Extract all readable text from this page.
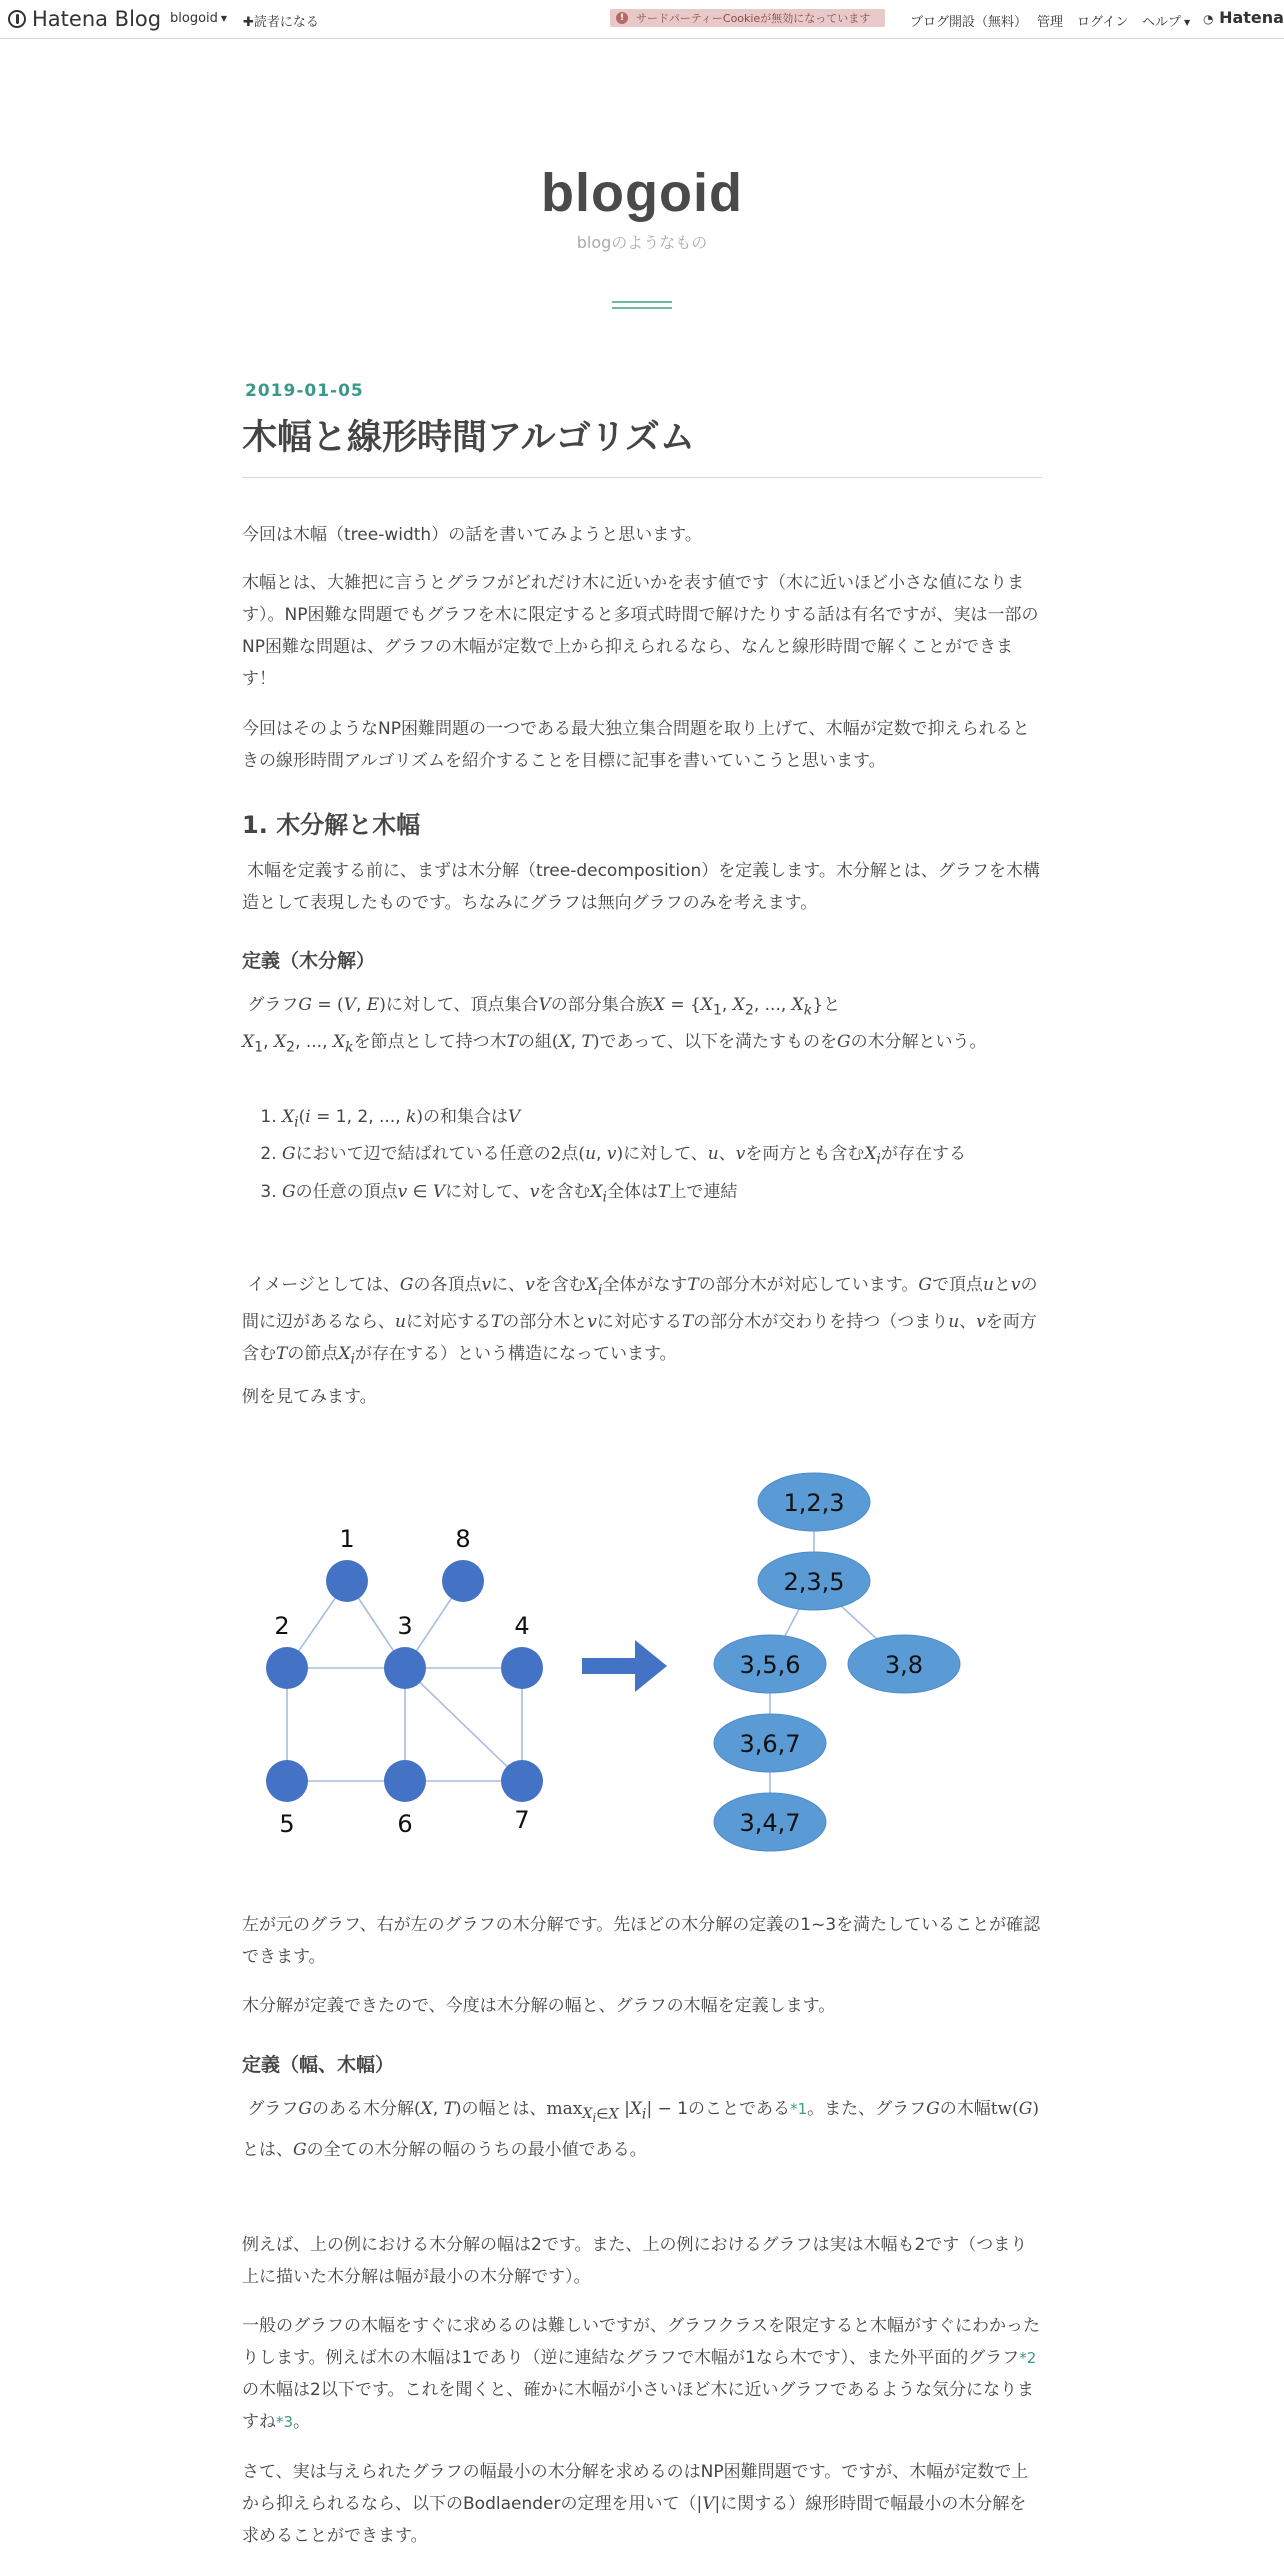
Hatena Blog blogoid ▼ ✚読者になる	!	サードパーティーCookieが無効になっています	ブログ開設（無料） 管理 ログイン ヘルプ ▼ ◔ Hatena
blogoid
blogのようなもの
2019-01-05
木幅と線形時間アルゴリズム
今回は木幅（tree-width）の話を書いてみようと思います。
木幅とは、大雑把に言うとグラフがどれだけ木に近いかを表す値です（木に近いほど小さな値になります）。NP困難な問題でもグラフを木に限定すると多項式時間で解けたりする話は有名ですが、実は一部のNP困難な問題は、グラフの木幅が定数で上から抑えられるなら、なんと線形時間で解くことができます！
今回はそのようなNP困難問題の一つである最大独立集合問題を取り上げて、木幅が定数で抑えられるときの線形時間アルゴリズムを紹介することを目標に記事を書いていこうと思います。
1. 木分解と木幅
木幅を定義する前に、まずは木分解（tree-decomposition）を定義します。木分解とは、グラフを木構造として表現したものです。ちなみにグラフは無向グラフのみを考えます。
定義（木分解）
グラフG = (V, E)に対して、頂点集合Vの部分集合族$X = \{X_1$, $X_2$, ..., $X_k$}と
$X_1$, $X_2$, ..., $X_k$を節点として持つ木Tの組(X, T)であって、以下を満たすものをGの木分解という。
1. $X_i(i = 1$, 2, ..., k)の和集合はV
2. Gにおいて辺で結ばれている任意の2点(u, v)に対して、u、vを両方とも含む$X_i$が存在する
3. Gの任意の頂点v ∈ Vに対して、vを含む$X_i$全体はT上で連結
イメージとしては、Gの各頂点vに、vを含む$X_i$全体がなすTの部分木が対応しています。Gで頂点uとvの間に辺があるなら、uに対応するTの部分木とvに対応するTの部分木が交わりを持つ（つまりu、vを両方含むTの節点$X_i$が存在する）という構造になっています。
例を見てみます。
1	8
2	3	4
5	6	7
1,2,3
2,3,5
3,5,6	3,8
3,6,7
3,4,7
左が元のグラフ、右が左のグラフの木分解です。先ほどの木分解の定義の1~3を満たしていることが確認できます。
木分解が定義できたので、今度は木分解の幅と、グラフの木幅を定義します。
定義（幅、木幅）
グラフGのある木分解(X, T)の幅とは、$\max_{X_i\in X} |X_i| - 1$のことである*1。また、グラフGの木幅tw(G)とは、Gの全ての木分解の幅のうちの最小値である。
例えば、上の例における木分解の幅は2です。また、上の例におけるグラフは実は木幅も2です（つまり上に描いた木分解は幅が最小の木分解です）。
一般のグラフの木幅をすぐに求めるのは難しいですが、グラフクラスを限定すると木幅がすぐにわかったりします。例えば木の木幅は1であり（逆に連結なグラフで木幅が1なら木です）、また外平面的グラフ*2の木幅は2以下です。これを聞くと、確かに木幅が小さいほど木に近いグラフであるような気分になりますね*3。
さて、実は与えられたグラフの幅最小の木分解を求めるのはNP困難問題です。ですが、木幅が定数で上から抑えられるなら、以下のBodlaenderの定理を用いて（|V|に関する）線形時間で幅最小の木分解を求めることができます。
